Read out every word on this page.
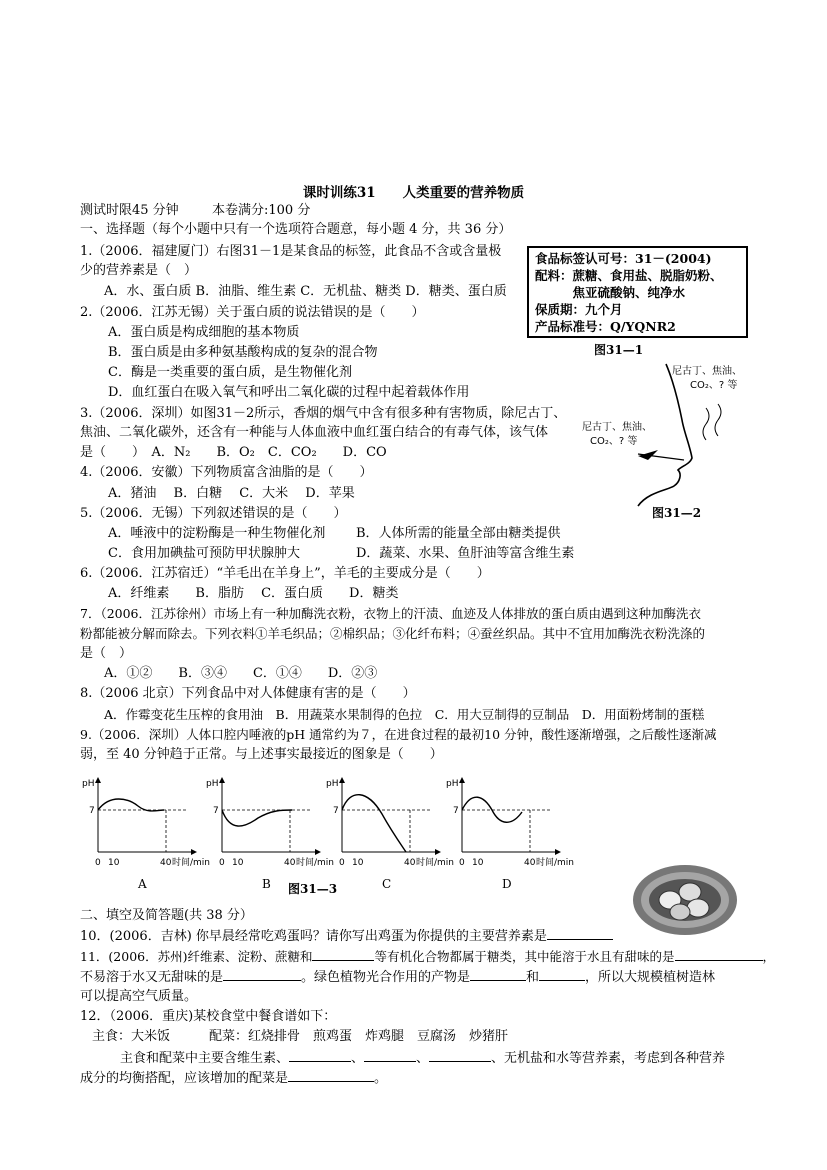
课时训练31　　人类重要的营养物质
测试时限45 分钟	本卷满分:100 分
一、选择题（每个小题中只有一个选项符合题意，每小题 4 分，共 36 分）
1.（2006．福建厦门）右图31－1是某食品的标签，此食品不含或含量极
少的营养素是（　）
A．水、蛋白质 B．油脂、维生素 C．无机盐、糖类 D．糖类、蛋白质
食品标签认可号：31－(2004)
配料：蔗糖、食用盐、脱脂奶粉、
　　　焦亚硫酸钠、纯净水
保质期：九个月
产品标准号：Q/YQNR2
图31—1
2.（2006．江苏无锡）关于蛋白质的说法错误的是（　　）
A．蛋白质是构成细胞的基本物质
B．蛋白质是由多种氨基酸构成的复杂的混合物
C．酶是一类重要的蛋白质，是生物催化剂
D．血红蛋白在吸入氧气和呼出二氧化碳的过程中起着载体作用
3.（2006．深圳）如图31－2所示，香烟的烟气中含有很多种有害物质，除尼古丁、
焦油、二氧化碳外，还含有一种能与人体血液中血红蛋白结合的有毒气体，该气体
是（　　）　A．N₂　　B．O₂　C．CO₂　　D．CO
尼古丁、焦油、
CO₂、? 等
尼古丁、焦油、
CO₂、? 等
图31—2
4.（2006．安徽）下列物质富含油脂的是（　　）
A．猪油　 B．白糖　 C．大米　 D．苹果
5.（2006．无锡）下列叙述错误的是（　　）
A．唾液中的淀粉酶是一种生物催化剂 B．人体所需的能量全部由糖类提供
C．食用加碘盐可预防甲状腺肿大	D．蔬菜、水果、鱼肝油等富含维生素
6.（2006．江苏宿迁）“羊毛出在羊身上”，羊毛的主要成分是（　　）
A．纤维素　　B．脂肪　 C．蛋白质　　D．糖类
7．（2006．江苏徐州）市场上有一种加酶洗衣粉，衣物上的汗渍、血迹及人体排放的蛋白质由遇到这种加酶洗衣
粉都能被分解而除去。下列衣料①羊毛织品；②棉织品；③化纤布料；④蚕丝织品。其中不宜用加酶洗衣粉洗涤的
是（　）
A．①②　　B．③④　　C．①④　　D．②③
8.（2006 北京）下列食品中对人体健康有害的是（　　）
A．作霉变花生压榨的食用油　B．用蔬菜水果制得的色拉　C．用大豆制得的豆制品　D．用面粉烤制的蛋糕
9.（2006．深圳）人体口腔内唾液的pH 通常约为７，在进食过程的最初10 分钟，酸性逐渐增强，之后酸性逐渐减
弱，至 40 分钟趋于正常。与上述事实最接近的图象是（　　）
pH
7
0 10	40 时间/min
A
pH
7
0 10	40 时间/min
B
pH
7
0 10	40 时间/min
C
pH
7
0 10	40 时间/min
D
图31—3
二、填空及简答题(共 38 分）
10．(2006．吉林) 你早晨经常吃鸡蛋吗？请你写出鸡蛋为你提供的主要营养素是
11．(2006．苏州)纤维素、淀粉、蔗糖和	等有机化合物都属于糖类，其中能溶于水且有甜味的是	，
不易溶于水又无甜味的是	。绿色植物光合作用的产物是	和	，所以大规模植树造林
可以提高空气质量。
12．（2006．重庆)某校食堂中餐食谱如下：
主食：大米饭　　　配菜：红烧排骨　煎鸡蛋　炸鸡腿　豆腐汤　炒猪肝
主食和配菜中主要含维生素、	、	、	、无机盐和水等营养素，考虑到各种营养
成分的均衡搭配，应该增加的配菜是	。
